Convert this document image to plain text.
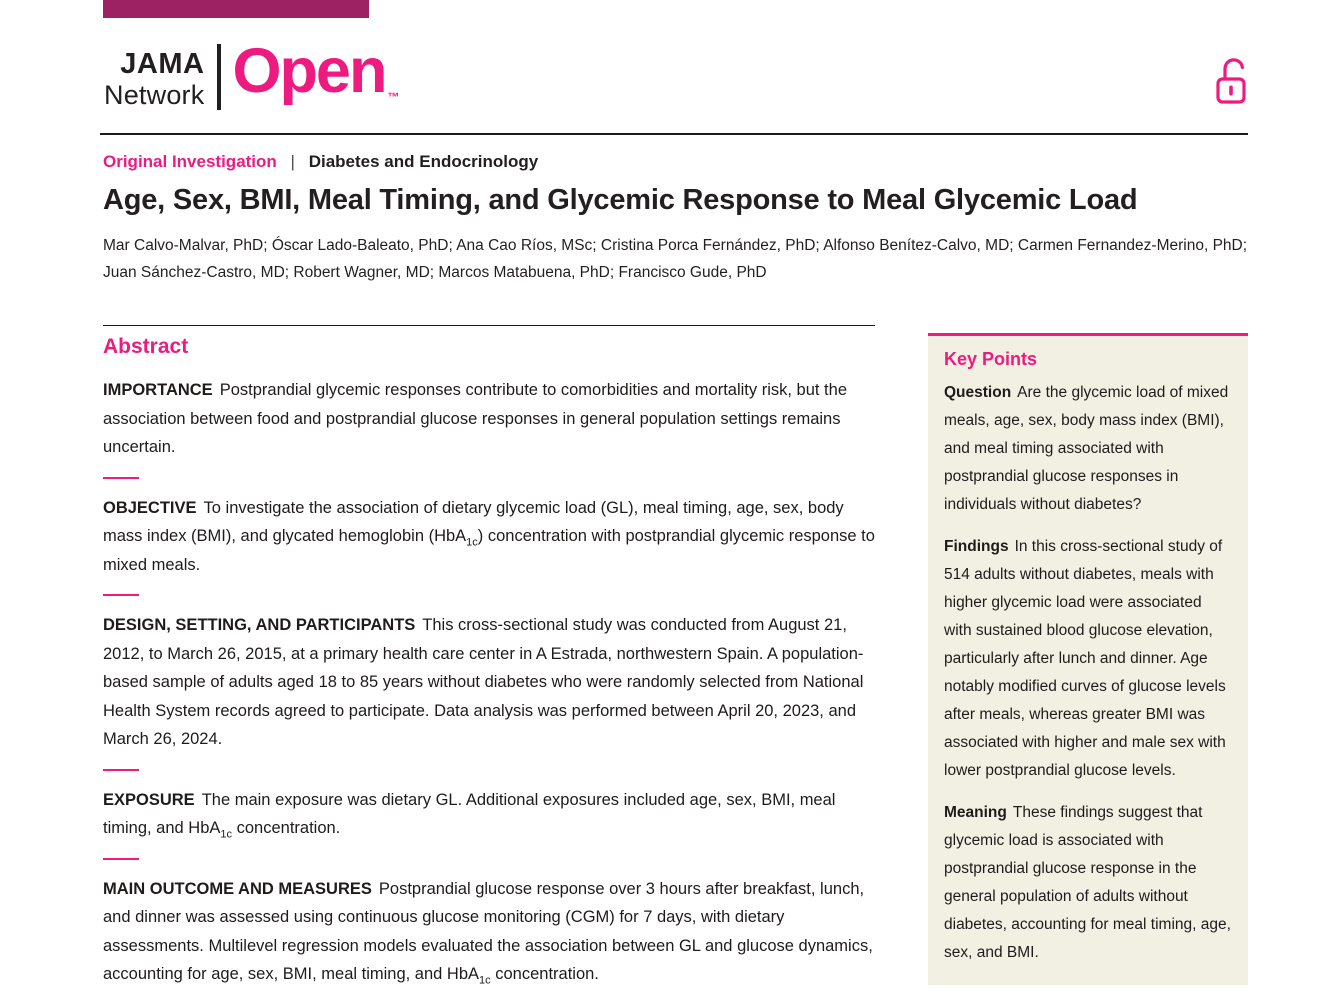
JAMA
Network Open ™
Original Investigation | Diabetes and Endocrinology
Age, Sex, BMI, Meal Timing, and Glycemic Response to Meal Glycemic Load
Mar Calvo-Malvar, PhD; Óscar Lado-Baleato, PhD; Ana Cao Ríos, MSc; Cristina Porca Fernández, PhD; Alfonso Benítez-Calvo, MD; Carmen Fernandez-Merino, PhD;
Juan Sánchez-Castro, MD; Robert Wagner, MD; Marcos Matabuena, PhD; Francisco Gude, PhD
Abstract

IMPORTANCE Postprandial glycemic responses contribute to comorbidities and mortality risk, but the association between food and postprandial glucose responses in general population settings remains uncertain.

OBJECTIVE To investigate the association of dietary glycemic load (GL), meal timing, age, sex, body mass index (BMI), and glycated hemoglobin (HbA$_{1c}$) concentration with postprandial glycemic response to mixed meals.

DESIGN, SETTING, AND PARTICIPANTS This cross-sectional study was conducted from August 21, 2012, to March 26, 2015, at a primary health care center in A Estrada, northwestern Spain. A population-based sample of adults aged 18 to 85 years without diabetes who were randomly selected from National Health System records agreed to participate. Data analysis was performed between April 20, 2023, and March 26, 2024.

EXPOSURE The main exposure was dietary GL. Additional exposures included age, sex, BMI, meal timing, and HbA$_{1c}$ concentration.

MAIN OUTCOME AND MEASURES Postprandial glucose response over 3 hours after breakfast, lunch, and dinner was assessed using continuous glucose monitoring (CGM) for 7 days, with dietary assessments. Multilevel regression models evaluated the association between GL and glucose dynamics, accounting for age, sex, BMI, meal timing, and HbA$_{1c}$ concentration.

Key Points

Question Are the glycemic load of mixed meals, age, sex, body mass index (BMI), and meal timing associated with postprandial glucose responses in individuals without diabetes?

Findings In this cross-sectional study of 514 adults without diabetes, meals with higher glycemic load were associated with sustained blood glucose elevation, particularly after lunch and dinner. Age notably modified curves of glucose levels after meals, whereas greater BMI was associated with higher and male sex with lower postprandial glucose levels.

Meaning These findings suggest that glycemic load is associated with postprandial glucose response in the general population of adults without diabetes, accounting for meal timing, age, sex, and BMI.
